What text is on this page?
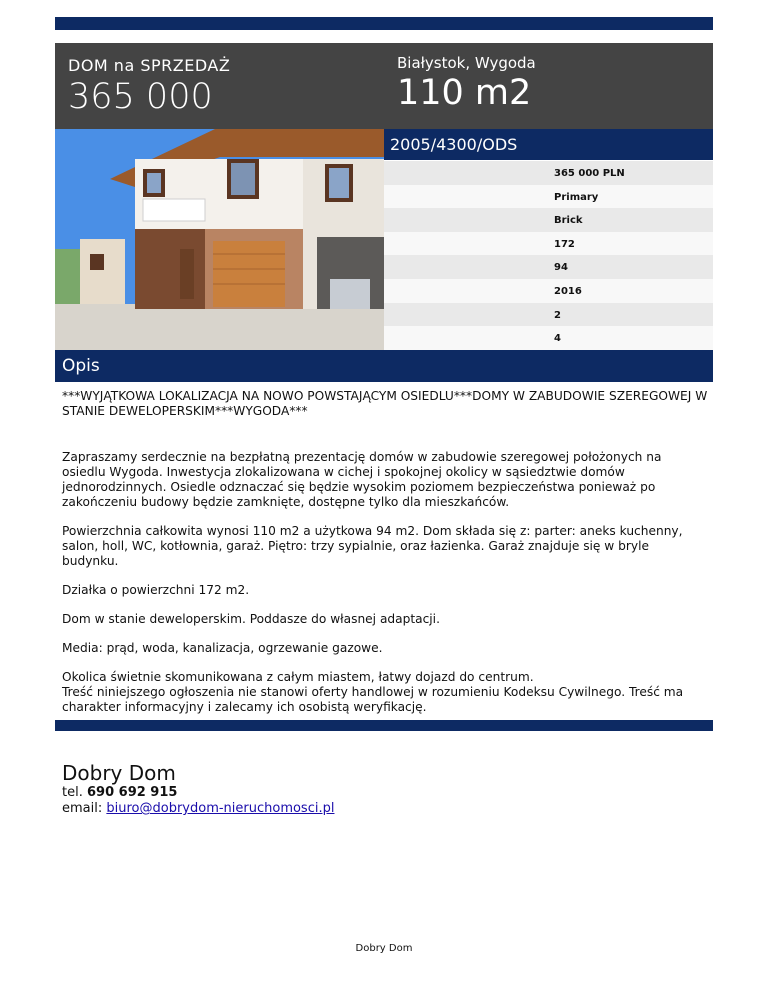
DOM na SPRZEDAŻ
365 000
Białystok, Wygoda
110 m2
2005/4300/ODS
365 000 PLN
Primary
Brick
172
94
2016
2
4
Opis

***WYJĄTKOWA LOKALIZACJA NA NOWO POWSTAJĄCYM OSIEDLU***DOMY W ZABUDOWIE SZEREGOWEJ W STANIE DEWELOPERSKIM***WYGODA***

Zapraszamy serdecznie na bezpłatną prezentację domów w zabudowie szeregowej położonych na osiedlu Wygoda. Inwestycja zlokalizowana w cichej i spokojnej okolicy w sąsiedztwie domów jednorodzinnych. Osiedle odznaczać się będzie wysokim poziomem bezpieczeństwa ponieważ po zakończeniu budowy będzie zamknięte, dostępne tylko dla mieszkańców.

Powierzchnia całkowita wynosi 110 m2 a użytkowa 94 m2. Dom składa się z: parter: aneks kuchenny, salon, holl, WC, kotłownia, garaż. Piętro: trzy sypialnie, oraz łazienka. Garaż znajduje się w bryle budynku.

Działka o powierzchni 172 m2.

Dom w stanie deweloperskim. Poddasze do własnej adaptacji.

Media: prąd, woda, kanalizacja, ogrzewanie gazowe.

Okolica świetnie skomunikowana z całym miastem, łatwy dojazd do centrum.

Treść niniejszego ogłoszenia nie stanowi oferty handlowej w rozumieniu Kodeksu Cywilnego. Treść ma charakter informacyjny i zalecamy ich osobistą weryfikację.

Dobry Dom
tel. 690 692 915
email: biuro@dobrydom-nieruchomosci.pl
Dobry Dom
